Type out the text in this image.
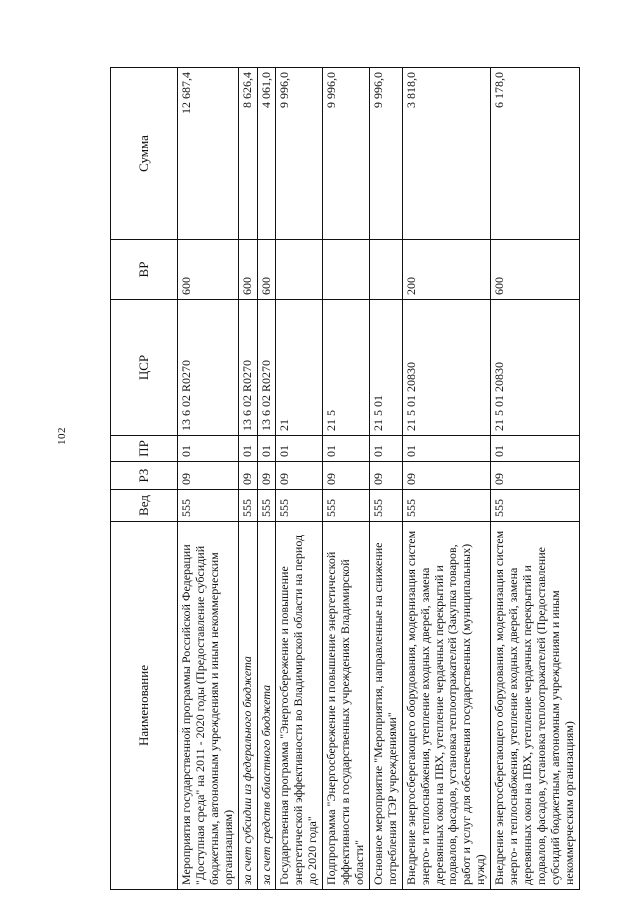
102
Наименование	Вед	РЗ	ПР	ЦСР	ВР	Сумма
Мероприятия государственной программы Российской Федерации "Доступная среда" на 2011 - 2020 годы (Предоставление субсидий бюджетным, автономным учреждениям и иным некоммерческим организациям)	555	09	01	13 6 02 R0270	600	12 687,4
за счет субсидии из федерального бюджета	555	09	01	13 6 02 R0270	600	8 626,4
за счет средств областного бюджета	555	09	01	13 6 02 R0270	600	4 061,0
Государственная программа "Энергосбережение и повышение энергетической эффективности во Владимирской области на период до 2020 года"	555	09	01	21		9 996,0
Подпрограмма "Энергосбережение и повышение энергетической эффективности в государственных учреждениях Владимирской области"	555	09	01	21 5		9 996,0
Основное мероприятие "Мероприятия, направленные на снижение потребления ТЭР учреждениями"	555	09	01	21 5 01		9 996,0
Внедрение энергосберегающего оборудования, модернизация систем энерго- и теплоснабжения, утепление входных дверей, замена деревянных окон на ПВХ, утепление чердачных перекрытий и подвалов, фасадов, установка теплоотражателей (Закупка товаров, работ и услуг для обеспечения государственных (муниципальных) нужд)	555	09	01	21 5 01 20830	200	3 818,0
Внедрение энергосберегающего оборудования, модернизация систем энерго- и теплоснабжения, утепление входных дверей, замена деревянных окон на ПВХ, утепление чердачных перекрытий и подвалов, фасадов, установка теплоотражателей (Предоставление субсидий бюджетным, автономным учреждениям и иным некоммерческим организациям)	555	09	01	21 5 01 20830	600	6 178,0
